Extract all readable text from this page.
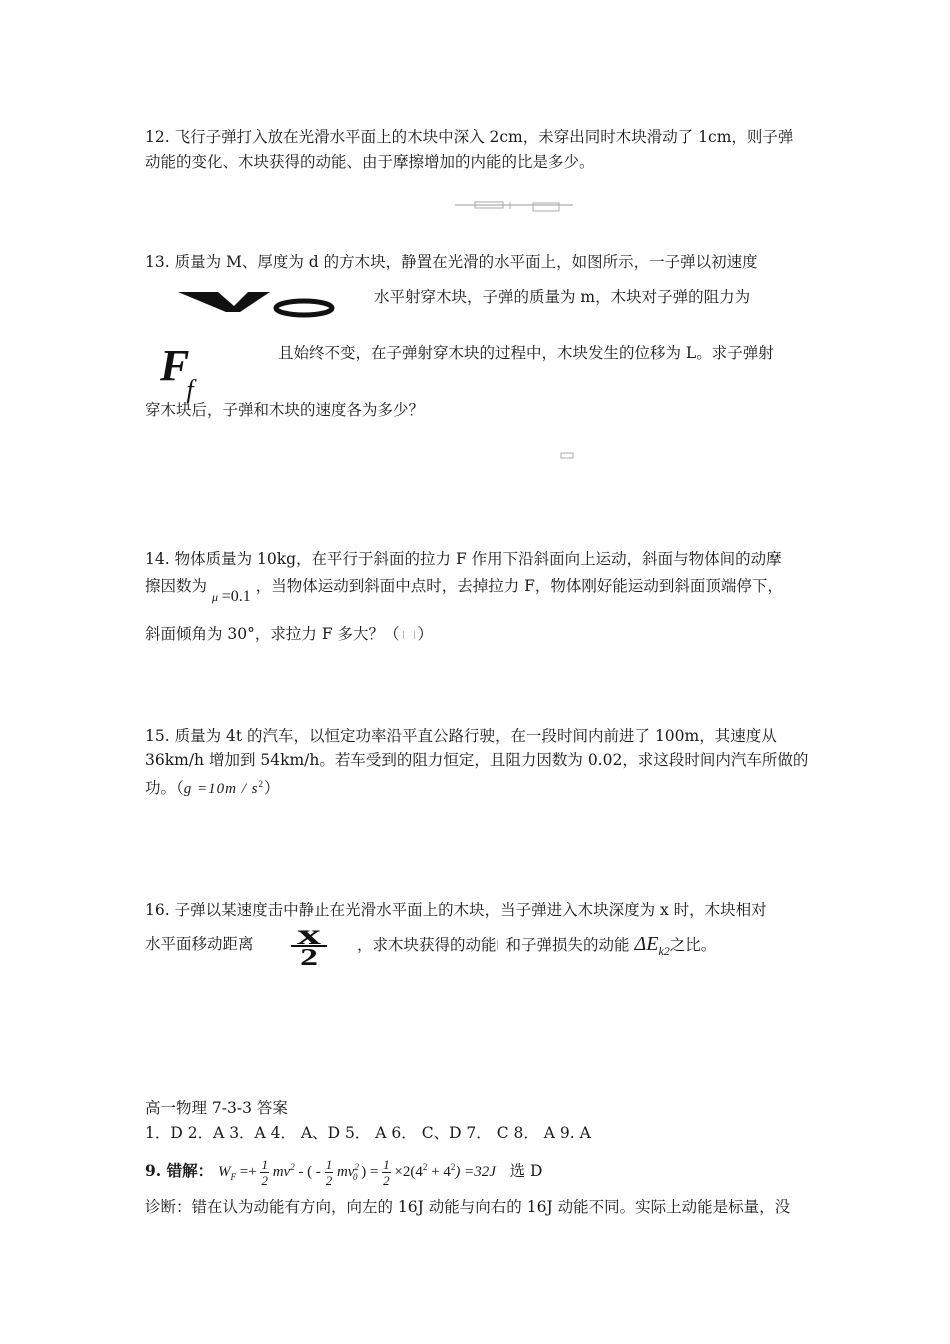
12. 飞行子弹打入放在光滑水平面上的木块中深入 2cm，未穿出同时木块滑动了 1cm，则子弹
动能的变化、木块获得的动能、由于摩擦增加的内能的比是多少。
13. 质量为 M、厚度为 d 的方木块，静置在光滑的水平面上，如图所示，一子弹以初速度
水平射穿木块，子弹的质量为 m，木块对子弹的阻力为
$F_f$
且始终不变，在子弹射穿木块的过程中，木块发生的位移为 L。求子弹射
穿木块后，子弹和木块的速度各为多少？
14. 物体质量为 10kg，在平行于斜面的拉力 F 作用下沿斜面向上运动，斜面与物体间的动摩
擦因数为 μ =0.1 ，当物体运动到斜面中点时，去掉拉力 F，物体刚好能运动到斜面顶端停下，
斜面倾角为 30°，求拉力 F 多大？（ ）
15. 质量为 4t 的汽车，以恒定功率沿平直公路行驶，在一段时间内前进了 100m，其速度从
36km/h 增加到 54km/h。若车受到的阻力恒定，且阻力因数为 0.02，求这段时间内汽车所做的
功。$(g =10m / s^2)$
16. 子弹以某速度击中静止在光滑水平面上的木块，当子弹进入木块深度为 x 时，木块相对
水平面移动距离	x
2	，求木块获得的动能 和子弹损失的动能 $\Delta E_{k2}$之比。
高一物理 7-3-3 答案
1．D 2．A 3．A 4． A、D 5． A 6． C、D 7． C 8． A 9. A
9. 错解： $W_F =+ \frac{1}{2} mv^2$ - ( - $\frac{1}{2} mv^2_0$ ) = $\frac{1}{2} \times 2(4^2 + 4^2) =32J$ 选 D
诊断：错在认为动能有方向，向左的 16J 动能与向右的 16J 动能不同。实际上动能是标量，没
